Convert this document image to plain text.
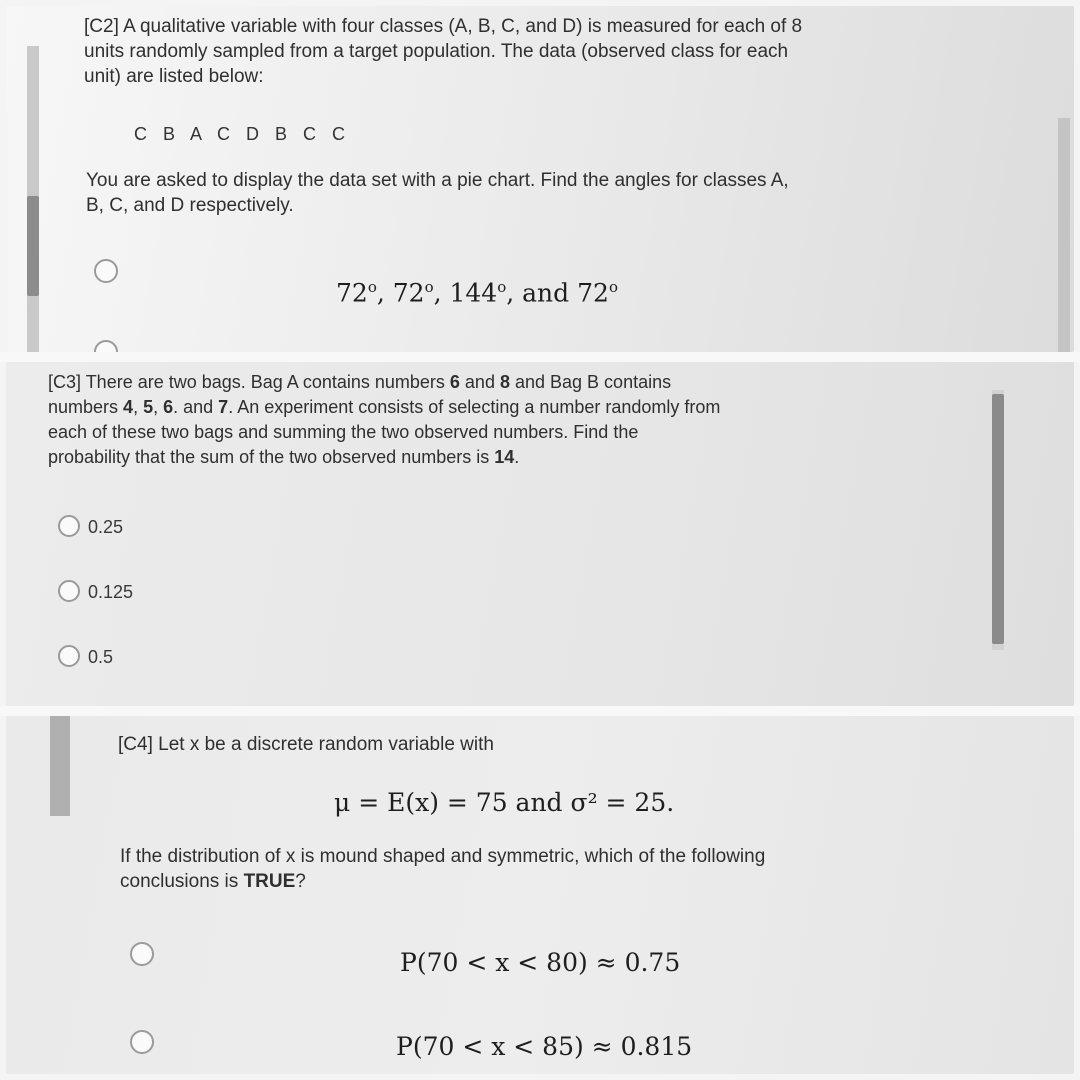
[C2] A qualitative variable with four classes (A, B, C, and D) is measured for each of 8
units randomly sampled from a target population. The data (observed class for each
unit) are listed below:
C B A C D B C C
You are asked to display the data set with a pie chart. Find the angles for classes A,
B, C, and D respectively.
72$^o$, 72$^o$, 144$^o$, and 72$^o$
[C3] There are two bags. Bag A contains numbers 6 and 8 and Bag B contains
numbers 4, 5, 6. and 7. An experiment consists of selecting a number randomly from
each of these two bags and summing the two observed numbers. Find the
probability that the sum of the two observed numbers is 14.
0.25
0.125
0.5
[C4] Let x be a discrete random variable with
μ = E(x) = 75 and σ² = 25.
If the distribution of x is mound shaped and symmetric, which of the following
conclusions is TRUE?
P(70 < x < 80) ≈ 0.75
P(70 < x < 85) ≈ 0.815
